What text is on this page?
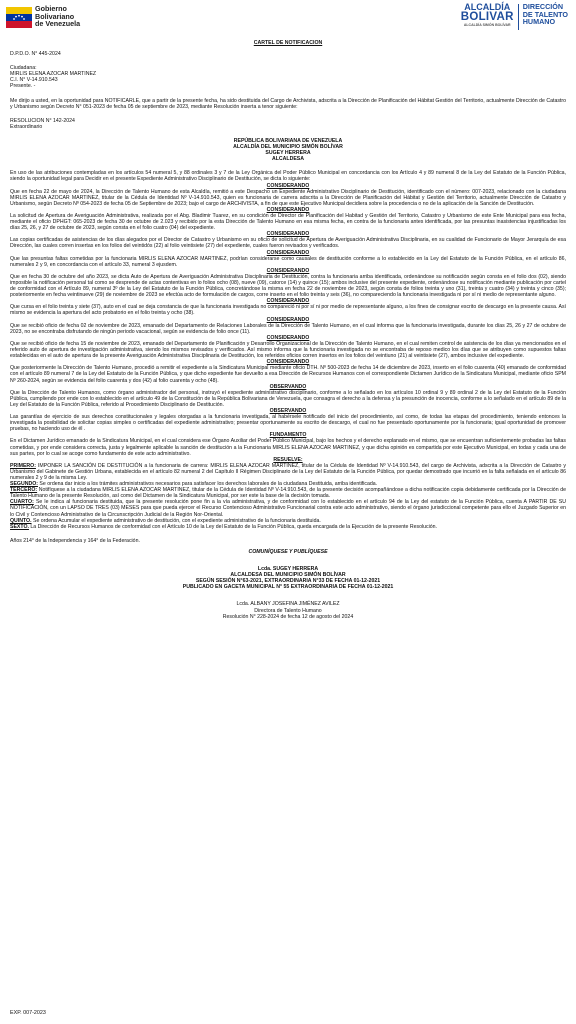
Gobierno
Bolivariano
de Venezuela
ALCALDÍA
BOLIVAR
ALCALDÍA SIMÓN BOLÍVAR
DIRECCIÓN
DE TALENTO
HUMANO

CARTEL DE NOTIFICACION

D.P.D.O. N° 445-2024

Ciudadana:

MIRLIS ELENA AZOCAR MARTINEZ

C.I. N° V-14.910.543

Presente. -

Me dirijo a usted, en la oportunidad para NOTIFICARLE, que a partir de la presente fecha, ha sido destituida del Cargo de Archivista, adscrita a la Dirección de Planificación del Hábitat Gestión del Territorio, actualmente Dirección de Catastro y Urbanismo según Decreto N° 051-2023 de fecha 05 de septiembre de 2023, mediante Resolución inserta a tenor siguiente:

RESOLUCION N° 142-2024

Extraordinario

REPÚBLICA BOLIVARIANA DE VENEZUELA

ALCALDÍA DEL MUNICIPIO SIMÓN BOLÍVAR

SUGEY HERRERA

ALCALDESA

En uso de las atribuciones contempladas en los artículos 54 numeral 5, y 88 ordinales 3 y 7 de la Ley Orgánica del Poder Público Municipal en concordancia con los Artículo 4 y 89 numeral 8 de la Ley del Estatuto de la Función Pública, siendo la oportunidad legal para Decidir en el presente Expediente Administrativo Disciplinario de Destitución, se dicta lo siguiente:

CONSIDERANDO

Que en fecha 22 de mayo de 2024, la Dirección de Talento Humano de esta Alcaldía, remitió a este Despacho un Expediente Administrativo Disciplinario de Destitución, identificado con el número: 007-2023, relacionado con la ciudadana MIRLIS ELENA AZOCAR MARTINEZ, titular de la Cédula de Identidad Nº V-14.910.543, quien es funcionaria de carrera adscrita a la Dirección de Planificación del Hábitat y Gestión del Territorio, actualmente Dirección de Catastro y Urbanismo, según Decreto Nº 054-2023 de fecha 05 de Septiembre de 2023; bajo el cargo de ARCHIVISTA, a fin de que este Ejecutivo Municipal decidiera sobre la procedencia o no de la aplicación de la Sanción de Destitución.

CONSIDERANDO

La solicitud de Apertura de Averiguación Administrativa, realizada por el Abg. Bladimir Tuarez, en su condición de Director de Planificación del Habitad y Gestión del Territorio, Catastro y Urbanismo de este Ente Municipal para esa fecha, mediante el oficio DPHGT: 065-2023 de fecha 30 de octubre de 2.023 y recibido por la esta Dirección de Talento Humano en esa misma fecha, en contra de la funcionaria antes identificada, por las presuntas inasistencias injustificadas los días 25, 26, y 27 de octubre de 2023, según consta en el folio cuatro (04) del expediente.

CONSIDERANDO

Las copias certificadas de asistencias de los días alegados por el Director de Catastro y Urbanismo en su oficio de solicitud de Apertura de Averiguación Administrativa Disciplinaria, en su cualidad de Funcionario de Mayor Jerarquía de esa Dirección, las cuales corren insertas en los folios del veintidós (22) al folio veintisiete (27) del expediente, cuales fueron revisados y verificados.

CONSIDERANDO

Que las presuntas faltas cometidas por la funcionaria MIRLIS ELENA AZOCAR MARTINEZ, podrían considerarse como causales de destitución conforme a lo establecido en la Ley del Estatuto de la Función Pública, en el artículo 86, numerales 2 y 9, en concordancia con el artículo 33, numeral 3 ejusdem.

CONSIDERANDO

Que en fecha 30 de octubre del año 2023, se dicta Auto de Apertura de Averiguación Administrativa Disciplinaria de Destitución, contra la funcionaria arriba identificada, ordenándose su notificación según consta en el folio dos (02), siendo imposible la notificación personal tal como se desprende de actas contentivas en lo folios ocho (08), nueve (09), catorce (14) y quince (15); ambos inclusive del presente expediente, ordenándose su notificación mediante publicación por cartel de conformidad con el Artículo 89, numeral 3º de la Ley del Estatuto de la Función Pública, concretándose la misma en fecha 22 de noviembre de 2023, según consta de folios treinta y uno (31), treinta y cuatro (34) y treinta y cinco (35); posteriormente en fecha veintinueve (29) de noviembre de 2023 se efectúa acto de formulación de cargos, corre inserto en el folio treinta y seis (36), no compareciendo la funcionaria investigada ni por sí ni medio de representante alguno.

CONSIDERANDO

Que cursa en el folio treinta y siete (37), auto en el cual se deja constancia de que la funcionaria investigada no compareció ni por sí ni por medio de representante alguno, a los fines de consignar escrito de descargo en la presente causa. Así mismo se evidencia la apertura del acto probatorio en el folio treinta y ocho (38).

CONSIDERANDO

Que se recibió oficio de fecha 02 de noviembre de 2023, emanado del Departamento de Relaciones Laborales de la Dirección de Talento Humano, en el cual informa que la funcionaria investigada, durante los días 25, 26 y 27 de octubre de 2023, no se encontraba disfrutando de ningún periodo vacacional, según se evidencia de folio once (11).

CONSIDERANDO

Que se recibió oficio de fecha 15 de noviembre de 2023, emanado del Departamento de Planificación y Desarrollo Organizacional de la Dirección de Talento Humano, en el cual remiten control de asistencia de los días ya mencionados en el referido auto de apertura de investigación administrativa, siendo los mismos revisados y verificados. Así mismo informa que la funcionaria investigada no se encontraba de reposo medico los días que se atribuyen como supuestos faltas establecidas en el auto de apertura de la presente Averiguación Administrativa Disciplinaria de Destitución, los referidos oficios corren insertos en los folios del veintiuno (21) al veintisiete (27), ambos inclusive del expediente.

CONSIDERANDO

Que posteriormente la Dirección de Talento Humano, procedió a remitir el expediente a la Sindicatura Municipal mediante oficio DTH. Nº 500-2023 de fecha 14 de diciembre de 2023, inserto en el folio cuarenta (40) emanado de conformidad con el artículo 89 numeral 7 de la Ley del Estatuto de la Función Pública, y que dicho expediente fue devuelto a esa Dirección de Recursos Humanos con el correspondiente Dictamen Jurídico de la Sindicatura Municipal, mediante oficio SPM Nº 260-2024, según se evidencia del folio cuarenta y dos (42) al folio cuarenta y ocho (48).

OBSERVANDO

Que la Dirección de Talento Humanos, como órgano administrador del personal, instruyó el expediente administrativo disciplinario, conforme a lo señalado en los artículos 10 ordinal 9 y 89 ordinal 2 de la Ley del Estatuto de la Función Pública, cumpliendo por ende con lo establecido en el artículo 49 de la Constitución de la República Bolivariana de Venezuela, que consagra el derecho a la defensa y la presunción de inocencia, conforme a lo señalado en el artículo 89 de la Ley del Estatuto de la Función Pública, referido al Procedimiento Disciplinario de Destitución.

OBSERVANDO

Las garantías de ejercicio de sus derechos constitucionales y legales otorgadas a la funcionaria investigada, al habérsele notificado del inicio del procedimiento, así como, de todas las etapas del procedimiento, teniendo entonces la investigada la posibilidad de solicitar copias simples o certificadas del expediente administrativo; presentar oportunamente su escrito de descargo, el cual no fue presentado oportunamente por la funcionaria; igual oportunidad de promover pruebas, no haciendo uso de él .

FUNDAMENTO

En el Dictamen Jurídico emanado de la Sindicatura Municipal, en el cual considera ese Órgano Auxiliar del Poder Público Municipal, bajo los hechos y el derecho explanado en el mismo, que se encuentran suficientemente probadas las faltas cometidas, y por ende considera correcta, justa y legalmente aplicable la sanción de destitución a la Funcionaria MIRLIS ELENA AZOCAR MARTINEZ, y que dicha opinión es compartida por este Ejecutivo Municipal, en todas y cada una de sus partes, por lo cual se acoge como fundamento de este acto administrativo.

RESUELVE:

PRIMERO: IMPONER LA SANCIÓN DE DESTITUCIÓN a la funcionaria de carrera: MIRLIS ELENA AZOCAR MARTINEZ, titular de la Cédula de Identidad Nº V-14.910.543, del cargo de Archivista, adscrita a la Dirección de Catastro y Urbanismo del Gabinete de Gestión Urbana, establecida en el artículo 82 numeral 2 del Capítulo II Régimen Disciplinario de la Ley del Estatuto de la Función Pública, por quedar demostrado que incurrió en la falta señalada en el artículo 86 numerales 2 y 9 de la misma Ley.

SEGUNDO: Se ordena dar inicio a los trámites administrativos necesarios para satisfacer los derechos laborales de la ciudadana Destituida, arriba identificada.

TERCERO: Notifíquese a la ciudadana MIRLIS ELENA AZOCAR MARTINEZ, titular de la Cédula de Identidad Nº V-14.910.543, de la presente decisión acompañándose a dicha notificación copia debidamente certificada por la Dirección de Talento Humano de la presente Resolución, así como del Dictamen de la Sindicatura Municipal, por ser este la base de la decisión tomada.

CUARTO: Se le indica al funcionaria destituida, que la presente resolución pone fin a la vía administrativa, y de conformidad con lo establecido en el artículo 94 de la Ley del estatuto de la Función Pública, cuenta A PARTIR DE SU NOTIFICACIÓN, con un LAPSO DE TRES (03) MESES para que pueda ejercer el Recurso Contencioso Administrativo Funcionarial contra este acto administrativo, siendo el órgano jurisdiccional competente para ello el Juzgado Superior en lo Civil y Contencioso Administrativo de la Circunscripción Judicial de la Región Nor-Oriental.

QUINTO. Se ordena Acumular el expediente administrativo de destitución, con el expediente administrativo de la funcionaria destituida.

SEXTO. La Dirección de Recursos Humanos de conformidad con el Artículo 10 de la Ley del Estatuto de la Función Pública, queda encargada de la Ejecución de la presente Resolución.

Años 214° de la Independencia y 164° de la Federación.

COMUNÍQUESE Y PUBLÍQUESE

Lcda. SUGEY HERRERA

ALCALDESA DEL MUNICIPIO SIMÓN BOLÍVAR

SEGÚN SESIÓN N°63-2021, EXTRAORDINARIA N°33 DE FECHA 01-12-2021

PUBLICADO EN GACETA MUNICIPAL N° 55 EXTRAORDINARIA DE FECHA 01-12-2021

Lcda. ALBANY JOSEFINA JIMÉNEZ AVILEZ

Directora de Talento Humano

Resolución N° 228-2024 de fecha 12 de agosto del 2024

EXP. 007-2023
